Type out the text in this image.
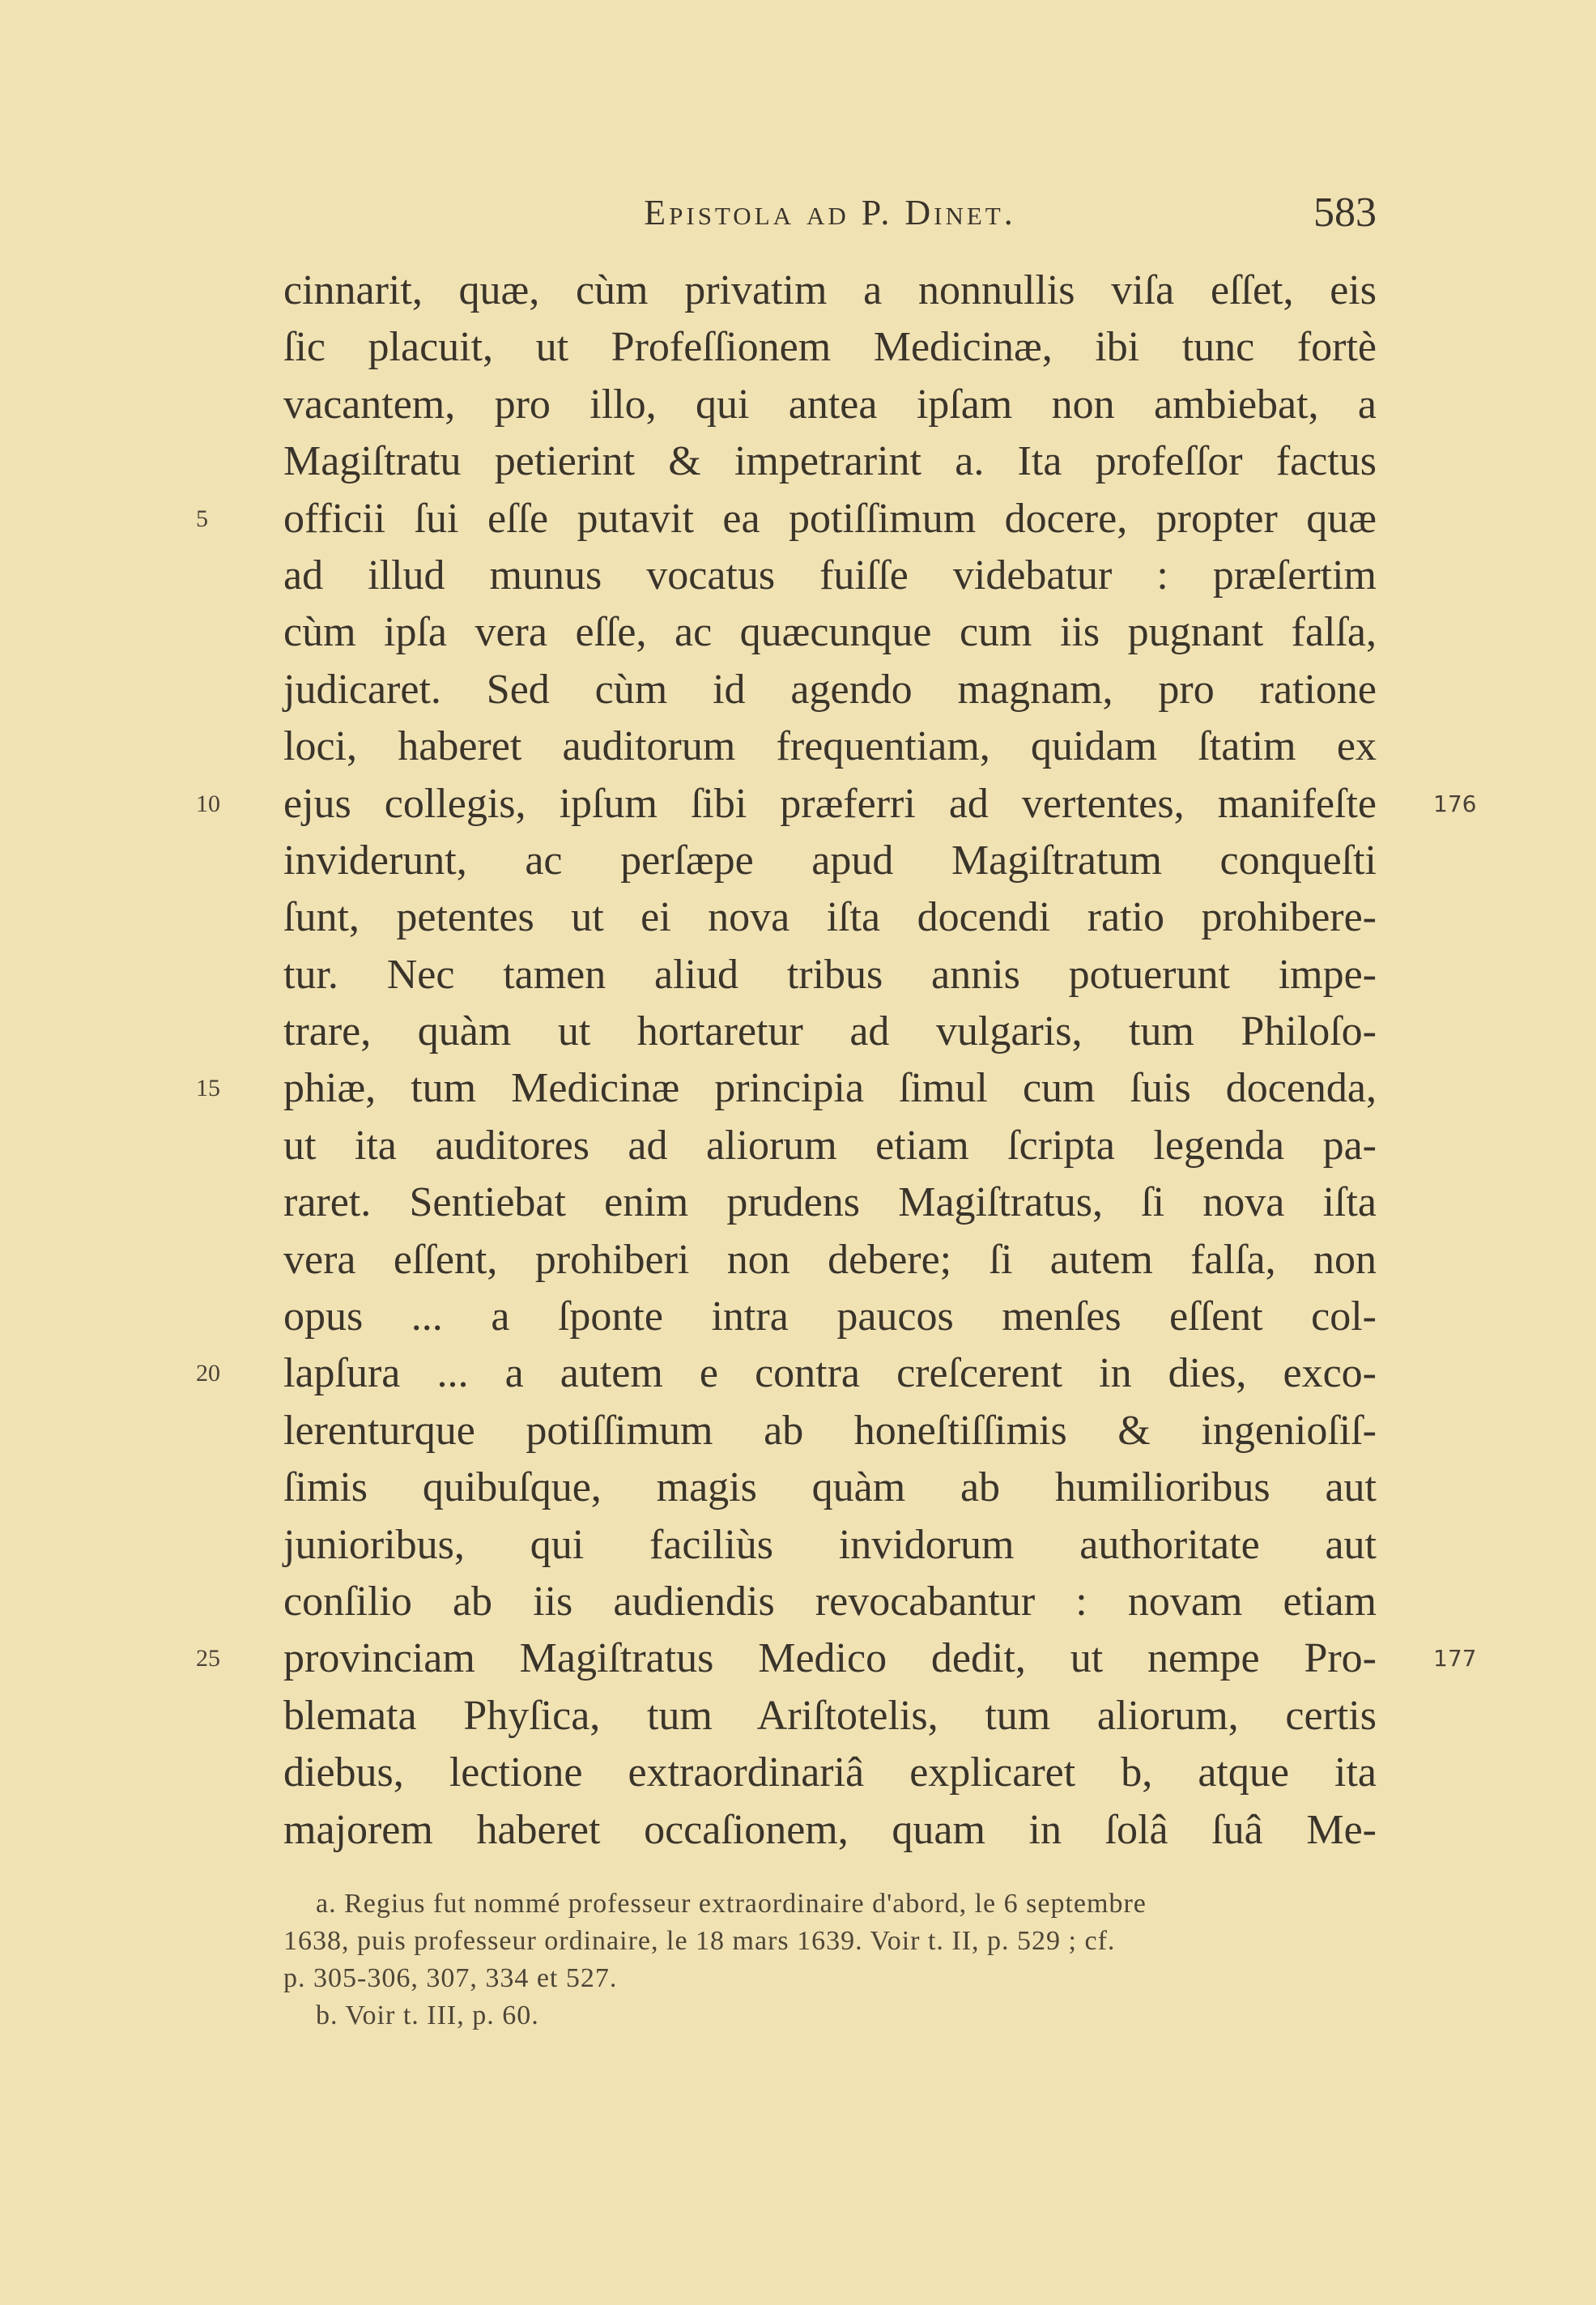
Epistola ad P. Dinet.	583
cinnarit, quæ, cùm privatim a nonnullis viſa eſſet, eis
ſic placuit, ut Profeſſionem Medicinæ, ibi tunc fortè
vacantem, pro illo, qui antea ipſam non ambiebat, a
Magiſtratu petierint & impetrarint a. Ita profeſſor factus
officii ſui eſſe putavit ea potiſſimum docere, propter quæ
5
ad illud munus vocatus fuiſſe videbatur : præſertim
cùm ipſa vera eſſe, ac quæcunque cum iis pugnant falſa,
judicaret. Sed cùm id agendo magnam, pro ratione
loci, haberet auditorum frequentiam, quidam ſtatim ex
ejus collegis, ipſum ſibi præferri ad vertentes, manifeſte
10	176
inviderunt, ac perſæpe apud Magiſtratum conqueſti
ſunt, petentes ut ei nova iſta docendi ratio prohibere-
tur. Nec tamen aliud tribus annis potuerunt impe-
trare, quàm ut hortaretur ad vulgaris, tum Philoſo-
phiæ, tum Medicinæ principia ſimul cum ſuis docenda,
15
ut ita auditores ad aliorum etiam ſcripta legenda pa-
raret. Sentiebat enim prudens Magiſtratus, ſi nova iſta
vera eſſent, prohiberi non debere; ſi autem falſa, non
opus ... a ſponte intra paucos menſes eſſent col-
lapſura ... a autem e contra creſcerent in dies, exco-
20
lerenturque potiſſimum ab honeſtiſſimis & ingenioſiſ-
ſimis quibuſque, magis quàm ab humilioribus aut
junioribus, qui faciliùs invidorum authoritate aut
conſilio ab iis audiendis revocabantur : novam etiam
provinciam Magiſtratus Medico dedit, ut nempe Pro-
25	177
blemata Phyſica, tum Ariſtotelis, tum aliorum, certis
diebus, lectione extraordinariâ explicaret b, atque ita
majorem haberet occaſionem, quam in ſolâ ſuâ Me-
a. Regius fut nommé professeur extraordinaire d'abord, le 6 septembre
1638, puis professeur ordinaire, le 18 mars 1639. Voir t. II, p. 529 ; cf.
p. 305-306, 307, 334 et 527.
b. Voir t. III, p. 60.
